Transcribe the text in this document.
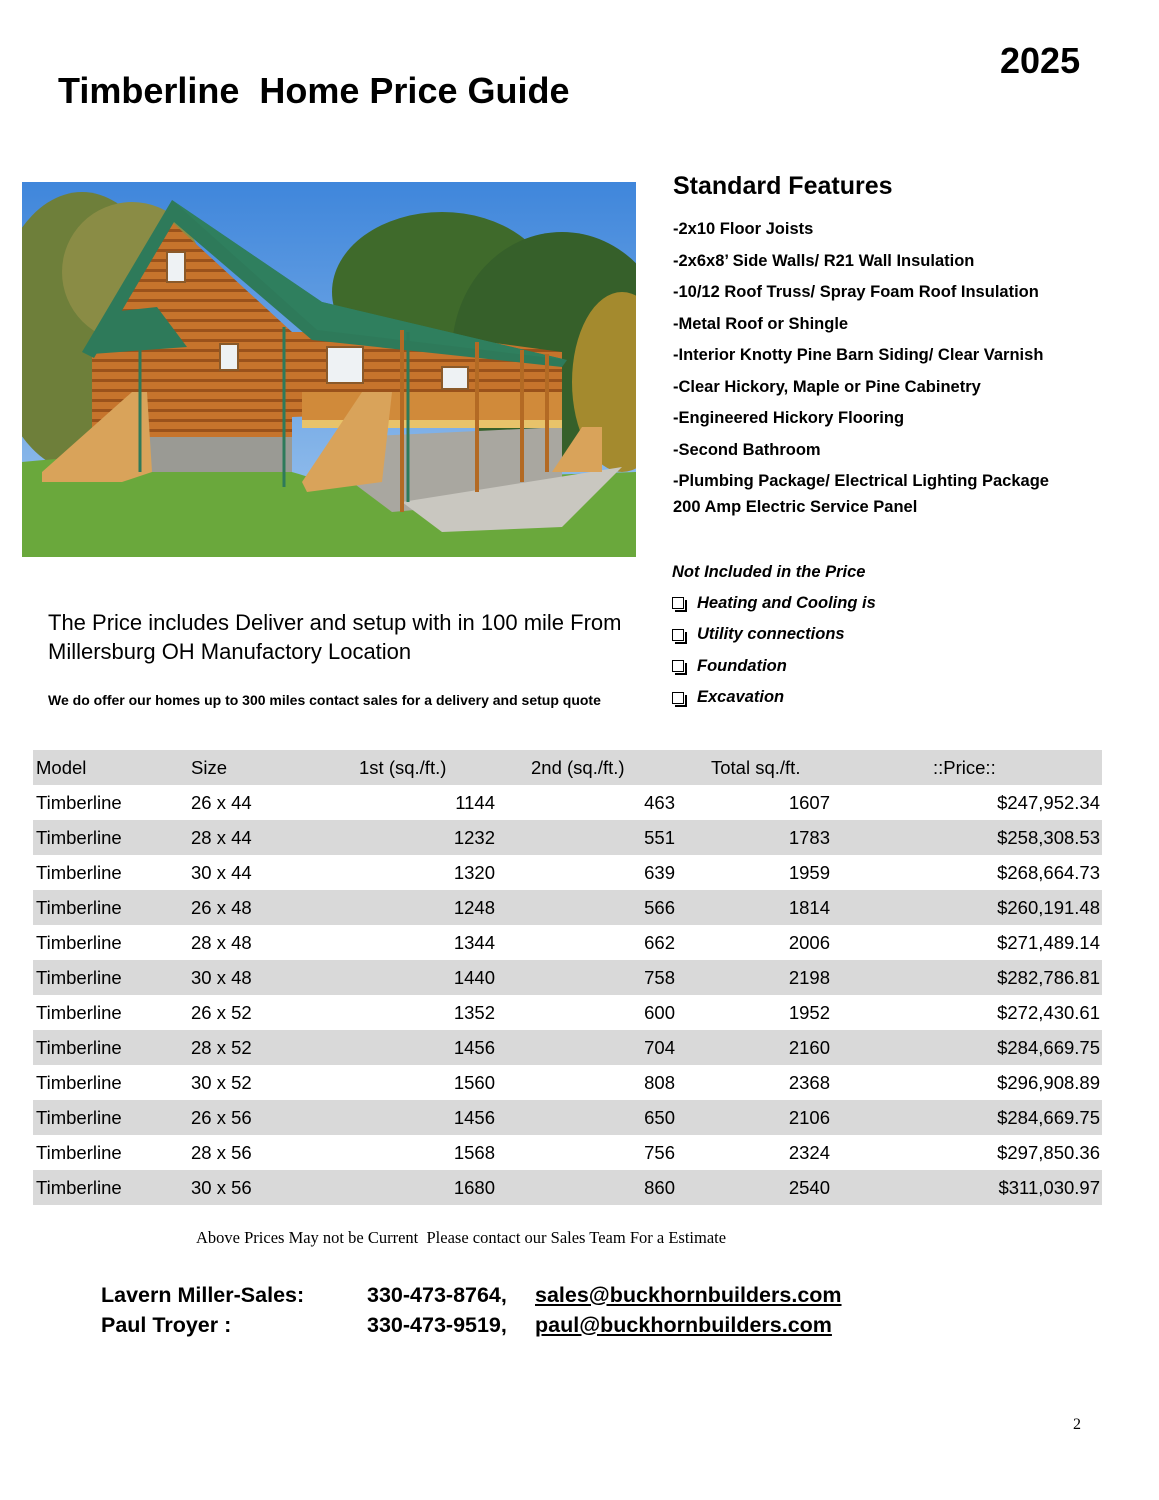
2025
Timberline  Home Price Guide
Standard Features
-2x10 Floor Joists
-2x6x8’ Side Walls/ R21 Wall Insulation
-10/12 Roof Truss/ Spray Foam Roof Insulation
-Metal Roof or Shingle
-Interior Knotty Pine Barn Siding/ Clear Varnish
-Clear Hickory, Maple or Pine Cabinetry
-Engineered Hickory Flooring
-Second Bathroom
-Plumbing Package/ Electrical Lighting Package
200 Amp Electric Service Panel
Not Included in the Price
Heating and Cooling is
Utility connections
Foundation
Excavation
The Price includes Deliver and setup with in 100 mile From Millersburg OH Manufactory Location
We do offer our homes up to 300 miles contact sales for a delivery and setup quote
Model	Size	1st (sq./ft.)	2nd (sq./ft.)	Total sq./ft.	::Price::
Timberline	26 x 44	1144	463	1607	$247,952.34
Timberline	28 x 44	1232	551	1783	$258,308.53
Timberline	30 x 44	1320	639	1959	$268,664.73
Timberline	26 x 48	1248	566	1814	$260,191.48
Timberline	28 x 48	1344	662	2006	$271,489.14
Timberline	30 x 48	1440	758	2198	$282,786.81
Timberline	26 x 52	1352	600	1952	$272,430.61
Timberline	28 x 52	1456	704	2160	$284,669.75
Timberline	30 x 52	1560	808	2368	$296,908.89
Timberline	26 x 56	1456	650	2106	$284,669.75
Timberline	28 x 56	1568	756	2324	$297,850.36
Timberline	30 x 56	1680	860	2540	$311,030.97
Above Prices May not be Current  Please contact our Sales Team For a Estimate
Lavern Miller-Sales:	330-473-8764,	sales@buckhornbuilders.com
Paul Troyer :	330-473-9519,	paul@buckhornbuilders.com
2
